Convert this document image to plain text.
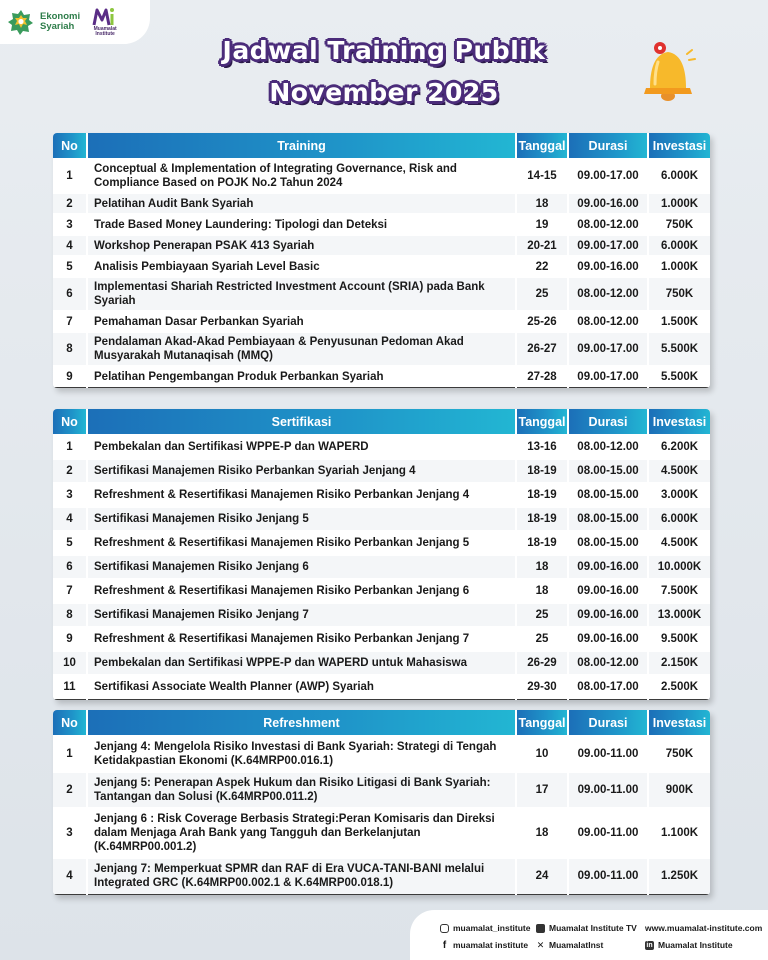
Ekonomi
Syariah	Muamalat
Institute
Jadwal Training Publik
November 2025
No	Training	Tanggal	Durasi	Investasi
1	Conceptual & Implementation of Integrating Governance, Risk and Compliance Based on POJK No.2 Tahun 2024	14-15	09.00-17.00	6.000K
2	Pelatihan Audit Bank Syariah	18	09.00-16.00	1.000K
3	Trade Based Money Laundering: Tipologi dan Deteksi	19	08.00-12.00	750K
4	Workshop Penerapan PSAK 413 Syariah	20-21	09.00-17.00	6.000K
5	Analisis Pembiayaan Syariah Level Basic	22	09.00-16.00	1.000K
6	Implementasi Shariah Restricted Investment Account (SRIA) pada Bank Syariah	25	08.00-12.00	750K
7	Pemahaman Dasar Perbankan Syariah	25-26	08.00-12.00	1.500K
8	Pendalaman Akad-Akad Pembiayaan & Penyusunan Pedoman Akad Musyarakah Mutanaqisah (MMQ)	26-27	09.00-17.00	5.500K
9	Pelatihan Pengembangan Produk Perbankan Syariah	27-28	09.00-17.00	5.500K
No	Sertifikasi	Tanggal	Durasi	Investasi
1	Pembekalan dan Sertifikasi WPPE-P dan WAPERD	13-16	08.00-12.00	6.200K
2	Sertifikasi Manajemen Risiko Perbankan Syariah Jenjang 4	18-19	08.00-15.00	4.500K
3	Refreshment & Resertifikasi Manajemen Risiko Perbankan Jenjang 4	18-19	08.00-15.00	3.000K
4	Sertifikasi Manajemen Risiko Jenjang 5	18-19	08.00-15.00	6.000K
5	Refreshment & Resertifikasi Manajemen Risiko Perbankan Jenjang 5	18-19	08.00-15.00	4.500K
6	Sertifikasi Manajemen Risiko Jenjang 6	18	09.00-16.00	10.000K
7	Refreshment & Resertifikasi Manajemen Risiko Perbankan Jenjang 6	18	09.00-16.00	7.500K
8	Sertifikasi Manajemen Risiko Jenjang 7	25	09.00-16.00	13.000K
9	Refreshment & Resertifikasi Manajemen Risiko Perbankan Jenjang 7	25	09.00-16.00	9.500K
10	Pembekalan dan Sertifikasi WPPE-P dan WAPERD untuk Mahasiswa	26-29	08.00-12.00	2.150K
11	Sertifikasi Associate Wealth Planner (AWP) Syariah	29-30	08.00-17.00	2.500K
No	Refreshment	Tanggal	Durasi	Investasi
1	Jenjang 4: Mengelola Risiko Investasi di Bank Syariah: Strategi di Tengah Ketidakpastian Ekonomi (K.64MRP00.016.1)	10	09.00-11.00	750K
2	Jenjang 5: Penerapan Aspek Hukum dan Risiko Litigasi di Bank Syariah: Tantangan dan Solusi (K.64MRP00.011.2)	17	09.00-11.00	900K
3	Jenjang 6 : Risk Coverage Berbasis Strategi:Peran Komisaris dan Direksi dalam Menjaga Arah Bank yang Tangguh dan Berkelanjutan (K.64MRP00.001.2)	18	09.00-11.00	1.100K
4	Jenjang 7: Memperkuat SPMR dan RAF di Era VUCA-TANI-BANI melalui Integrated GRC (K.64MRP00.002.1 & K.64MRP00.018.1)	24	09.00-11.00	1.250K
muamalat_institute Muamalat Institute TV www.muamalat-institute.com
f muamalat institute ✕ MuamalatInst	in Muamalat Institute
